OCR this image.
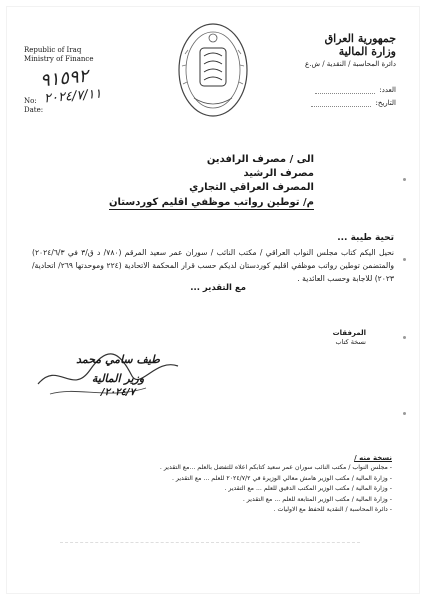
Republic of Iraq
Ministry of Finance
٩١٥٩٢
٢٠٢٤/٧/١١
No:
Date:
جمهورية العراق
وزارة المالية
دائرة المحاسبة / النقدية / ش.ع
العدد:
التاريخ:
الى / مصرف الرافدين
مصرف الرشيد
المصرف العراقي التجاري
م/ توطين رواتب موظفي اقليم كوردستان
تحية طيبة ...
نحيل اليكم كتاب مجلس النواب العراقي / مكتب النائب / سوران عمر سعيد المرقم (٧٨٠/ د ق/٣ في ٢٠٢٤/٦/٣) والمتضمن توطين رواتب موظفي اقليم كوردستان لديكم حسب قرار المحكمة الاتحادية (٢٢٤ وموحدتها ٢٦٩/ اتحادية/٢٠٢٣) للاجابة وحسب العائدية .
مع التقدير ...
المرفقات
نسخة كتاب
طيف سامي محمد
وزير المالية
٢٠٢٤/٧/
نسخة منه /
- مجلس النواب / مكتب النائب سوران عمر سعيد كتابكم اعلاه للتفضل بالعلم ...مع التقدير .
- وزارة المالية / مكتب الوزير هامش معالي الوزيرة في ٢٠٢٤/٧/٢ للعلم ... مع التقدير .
- وزارة المالية / مكتب الوزير المكتب الدقيق للعلم ... مع التقدير .
- وزارة المالية / مكتب الوزير المتابعة للعلم ... مع التقدير .
- دائرة المحاسبة / النقدية للحفظ مع الاوليات .
